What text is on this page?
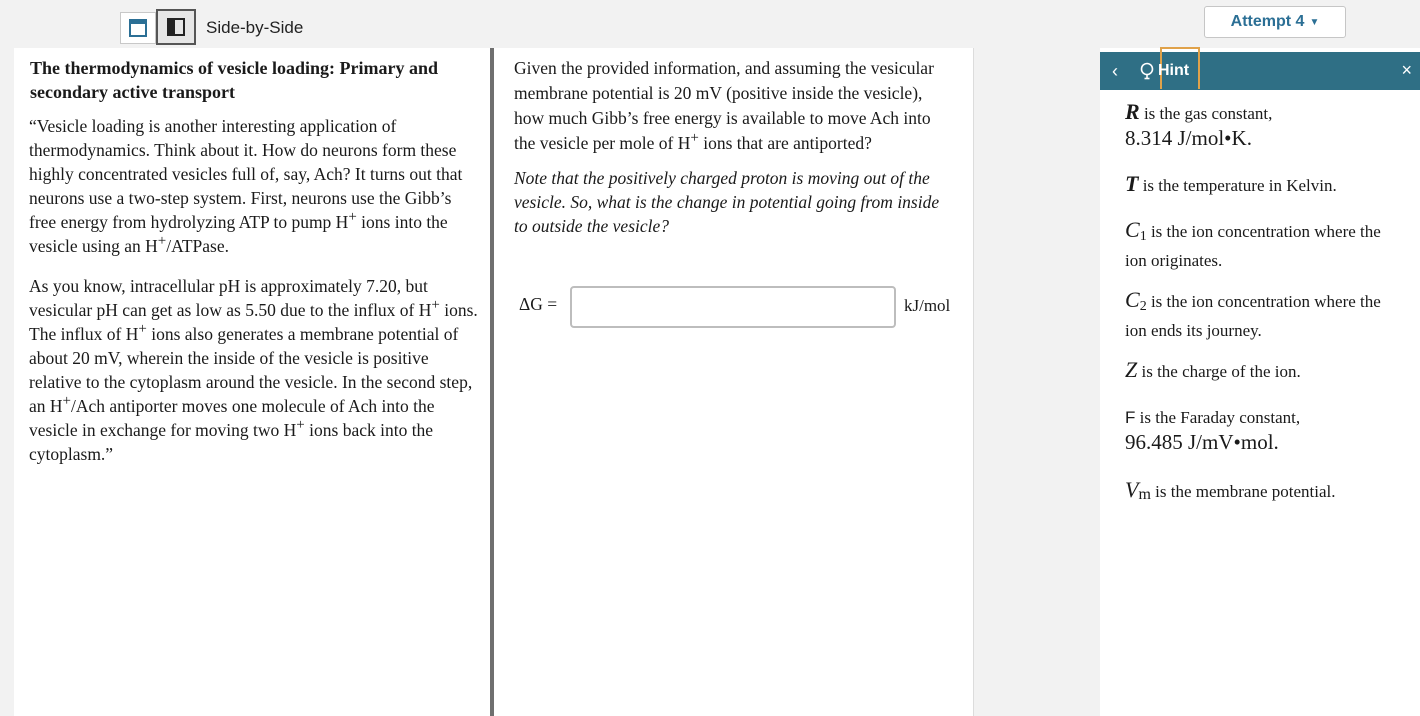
Side-by-Side	Attempt 4 ▼
The thermodynamics of vesicle loading: Primary and secondary active transport
“Vesicle loading is another interesting application of thermodynamics. Think about it. How do neurons form these highly concentrated vesicles full of, say, Ach? It turns out that neurons use a two-step system. First, neurons use the Gibb’s free energy from hydrolyzing ATP to pump H+ ions into the vesicle using an H+/ATPase.
As you know, intracellular pH is approximately 7.20, but vesicular pH can get as low as 5.50 due to the influx of H+ ions. The influx of H+ ions also generates a membrane potential of about 20 mV, wherein the inside of the vesicle is positive relative to the cytoplasm around the vesicle. In the second step, an H+/Ach antiporter moves one molecule of Ach into the vesicle in exchange for moving two H+ ions back into the cytoplasm.”
Given the provided information, and assuming the vesicular membrane potential is 20 mV (positive inside the vesicle), how much Gibb’s free energy is available to move Ach into the vesicle per mole of H+ ions that are antiported?
Note that the positively charged proton is moving out of the vesicle. So, what is the change in potential going from inside to outside the vesicle?
ΔG =	kJ/mol
‹	Hint	×
R is the gas constant,
8.314 J/mol•K.
T is the temperature in Kelvin.
$C_1$ is the ion concentration where the ion originates.
$C_2$ is the ion concentration where the ion ends its journey.
Z is the charge of the ion.
F is the Faraday constant,
96.485 J/mV•mol.
Vm is the membrane potential.
